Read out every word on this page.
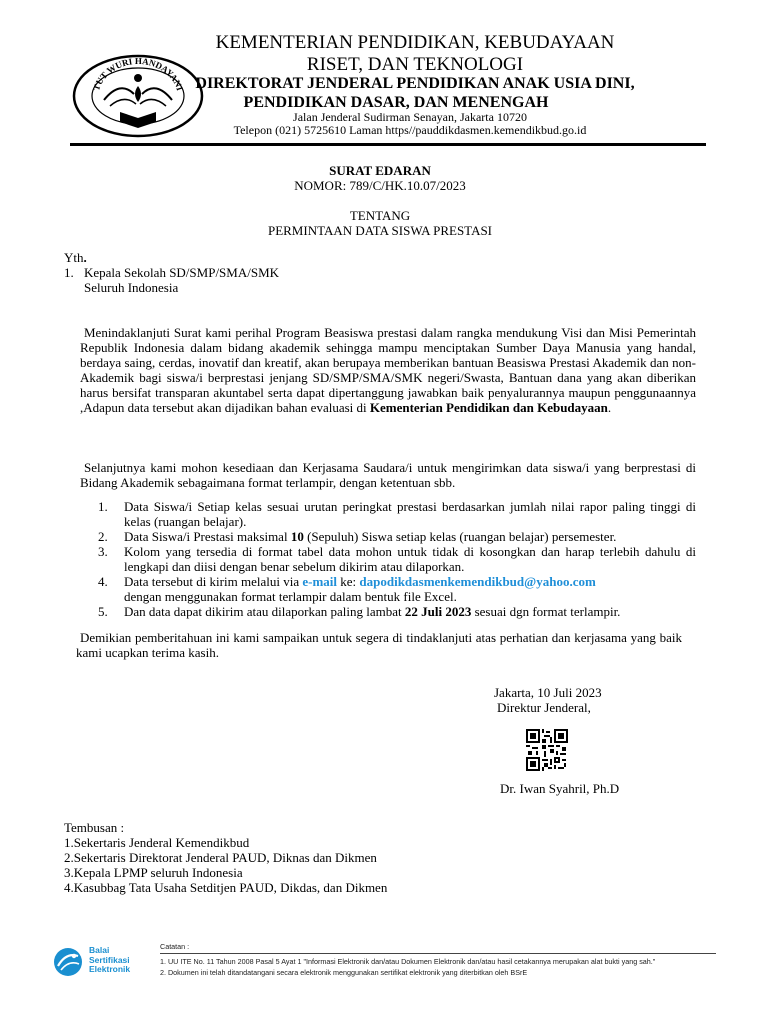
TUT WURI HANDAYANI
KEMENTERIAN PENDIDIKAN, KEBUDAYAAN
RISET, DAN TEKNOLOGI
DIREKTORAT JENDERAL PENDIDIKAN ANAK USIA DINI,
PENDIDIKAN DASAR, DAN MENENGAH
Jalan Jenderal Sudirman Senayan, Jakarta 10720
Telepon (021) 5725610 Laman https//pauddikdasmen.kemendikbud.go.id
SURAT EDARAN
NOMOR: 789/C/HK.10.07/2023
TENTANG
PERMINTAAN DATA SISWA PRESTASI
Yth.
1. Kepala Sekolah SD/SMP/SMA/SMK
Seluruh Indonesia
Menindaklanjuti Surat kami perihal Program Beasiswa prestasi dalam rangka mendukung Visi dan Misi Pemerintah Republik Indonesia dalam bidang akademik sehingga mampu menciptakan Sumber Daya Manusia yang handal, berdaya saing, cerdas, inovatif dan kreatif, akan berupaya memberikan bantuan Beasiswa Prestasi Akademik dan non-Akademik bagi siswa/i berprestasi jenjang SD/SMP/SMA/SMK negeri/Swasta, Bantuan dana yang akan diberikan harus bersifat transparan akuntabel serta dapat dipertanggung jawabkan baik penyalurannya maupun penggunaannya ,Adapun data tersebut akan dijadikan bahan evaluasi di Kementerian Pendidikan dan Kebudayaan.
Selanjutnya kami mohon kesediaan dan Kerjasama Saudara/i untuk mengirimkan data siswa/i yang berprestasi di Bidang Akademik sebagaimana format terlampir, dengan ketentuan sbb.
1. Data Siswa/i Setiap kelas sesuai urutan peringkat prestasi berdasarkan jumlah nilai rapor paling tinggi di kelas (ruangan belajar).
2. Data Siswa/i Prestasi maksimal 10 (Sepuluh) Siswa setiap kelas (ruangan belajar) persemester.
3. Kolom yang tersedia di format tabel data mohon untuk tidak di kosongkan dan harap terlebih dahulu di lengkapi dan diisi dengan benar sebelum dikirim atau dilaporkan.
4. Data tersebut di kirim melalui via e-mail ke: dapodikdasmenkemendikbud@yahoo.com
dengan menggunakan format terlampir dalam bentuk file Excel.
5. Dan data dapat dikirim atau dilaporkan paling lambat 22 Juli 2023 sesuai dgn format terlampir.
Demikian pemberitahuan ini kami sampaikan untuk segera di tindaklanjuti atas perhatian dan kerjasama yang baik kami ucapkan terima kasih.
Jakarta, 10 Juli 2023
Direktur Jenderal,
Dr. Iwan Syahril, Ph.D
Tembusan :
1.Sekertaris Jenderal Kemendikbud
2.Sekertaris Direktorat Jenderal PAUD, Diknas dan Dikmen
3.Kepala LPMP seluruh Indonesia
4.Kasubbag Tata Usaha Setditjen PAUD, Dikdas, dan Dikmen
Balai
Sertifikasi
Elektronik
Catatan :
1. UU ITE No. 11 Tahun 2008 Pasal 5 Ayat 1 "Informasi Elektronik dan/atau Dokumen Elektronik dan/atau hasil cetakannya merupakan alat bukti yang sah."
2. Dokumen ini telah ditandatangani secara elektronik menggunakan sertifikat elektronik yang diterbitkan oleh BSrE
